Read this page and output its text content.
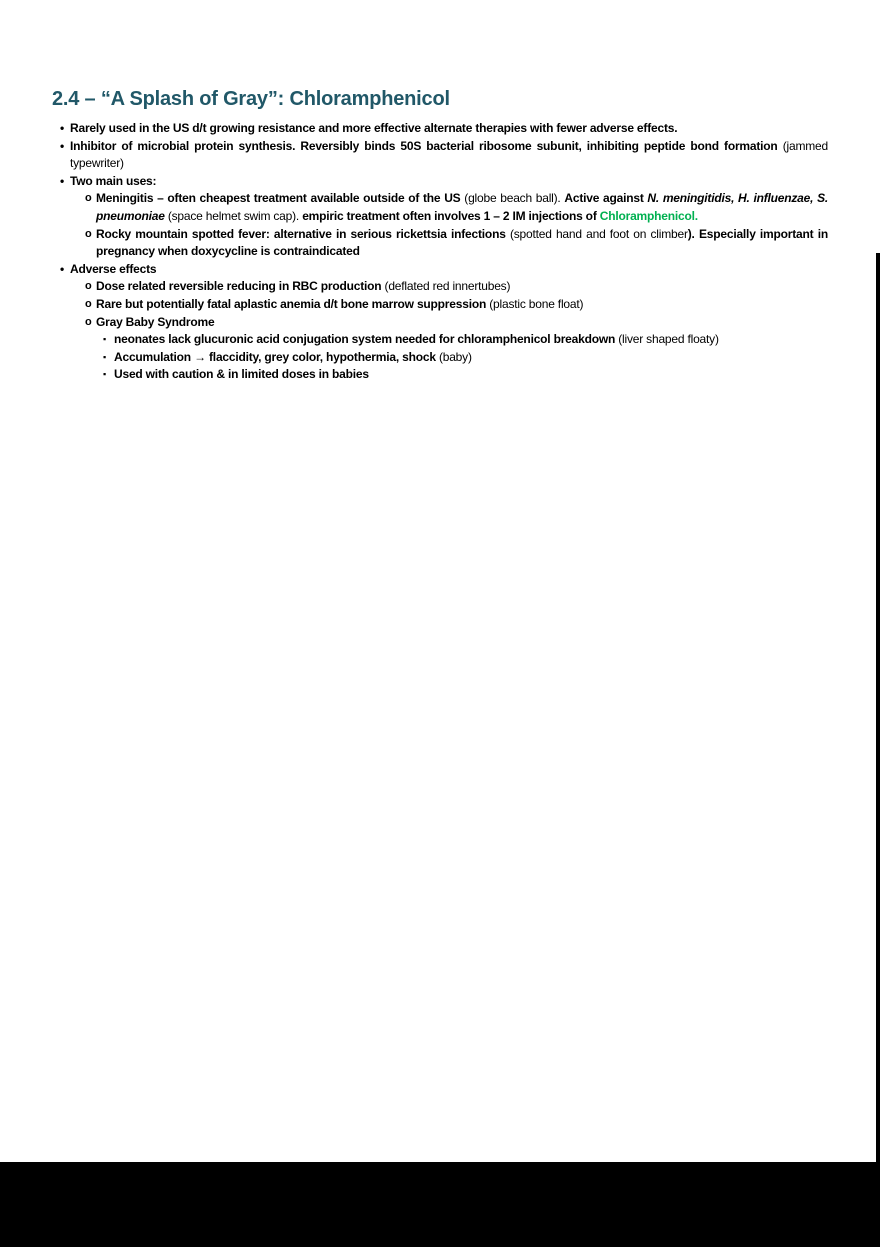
2.4 – “A Splash of Gray”: Chloramphenicol
• Rarely used in the US d/t growing resistance and more effective alternate therapies with fewer adverse effects.
• Inhibitor of microbial protein synthesis. Reversibly binds 50S bacterial ribosome subunit, inhibiting peptide bond formation (jammed typewriter)
• Two main uses:
o Meningitis – often cheapest treatment available outside of the US (globe beach ball). Active against N. meningitidis, H. influenzae, S. pneumoniae (space helmet swim cap). empiric treatment often involves 1 – 2 IM injections of Chloramphenicol.
o Rocky mountain spotted fever: alternative in serious rickettsia infections (spotted hand and foot on climber). Especially important in pregnancy when doxycycline is contraindicated
• Adverse effects
o Dose related reversible reducing in RBC production (deflated red innertubes)
o Rare but potentially fatal aplastic anemia d/t bone marrow suppression (plastic bone float)
o Gray Baby Syndrome
▪ neonates lack glucuronic acid conjugation system needed for chloramphenicol breakdown (liver shaped floaty)
▪ Accumulation → flaccidity, grey color, hypothermia, shock (baby)
▪ Used with caution & in limited doses in babies
